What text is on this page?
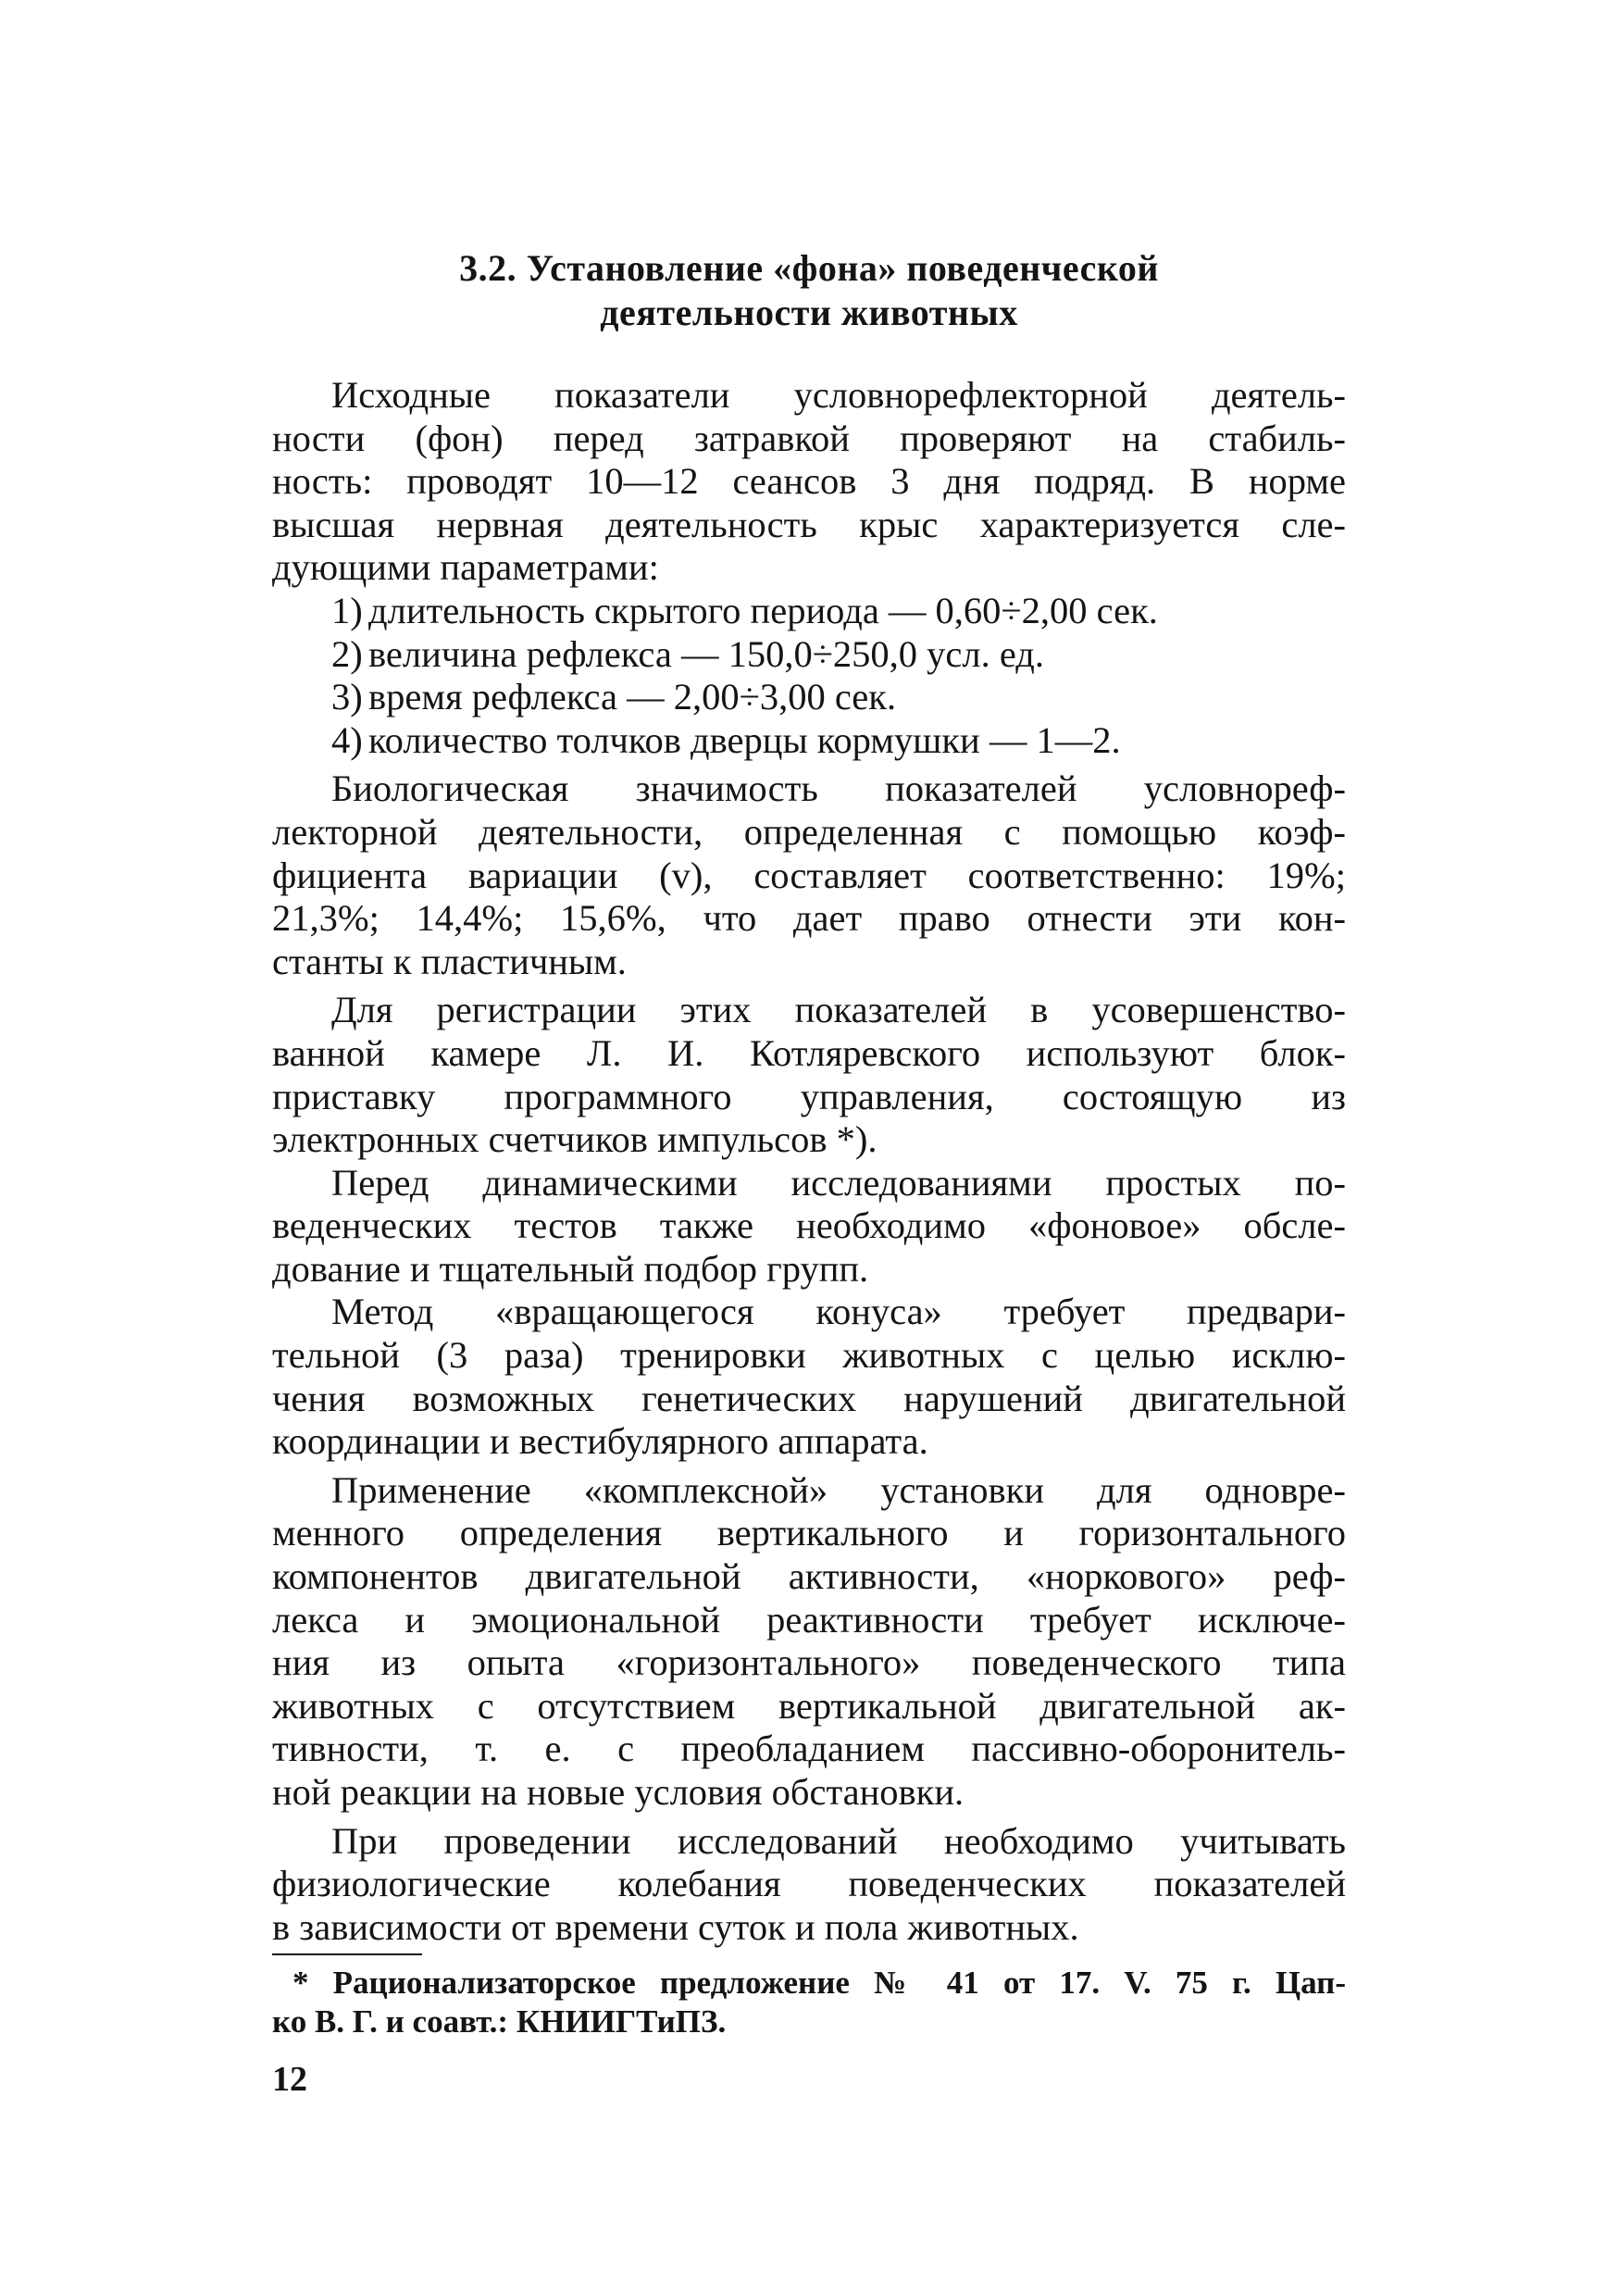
3.2. Установление «фона» поведенческой
деятельности животных
Исходные показатели условнорефлекторной деятель-
ности (фон) перед затравкой проверяют на стабиль-
ность: проводят 10—12 сеансов 3 дня подряд. В норме
высшая нервная деятельность крыс характеризуется сле-
дующими параметрами:
1) длительность скрытого периода — 0,60÷2,00 сек.
2) величина рефлекса — 150,0÷250,0 усл. ед.
3) время рефлекса — 2,00÷3,00 сек.
4) количество толчков дверцы кормушки — 1—2.
Биологическая значимость показателей условнореф-
лекторной деятельности, определенная с помощью коэф-
фициента вариации (v), составляет соответственно: 19%;
21,3%; 14,4%; 15,6%, что дает право отнести эти кон-
станты к пластичным.
Для регистрации этих показателей в усовершенство-
ванной камере Л. И. Котляревского используют блок-
приставку программного управления, состоящую из
электронных счетчиков импульсов *).
Перед динамическими исследованиями простых по-
веденческих тестов также необходимо «фоновое» обсле-
дование и тщательный подбор групп.
Метод «вращающегося конуса» требует предвари-
тельной (3 раза) тренировки животных с целью исклю-
чения возможных генетических нарушений двигательной
координации и вестибулярного аппарата.
Применение «комплексной» установки для одновре-
менного определения вертикального и горизонтального
компонентов двигательной активности, «норкового» реф-
лекса и эмоциональной реактивности требует исключе-
ния из опыта «горизонтального» поведенческого типа
животных с отсутствием вертикальной двигательной ак-
тивности, т. е. с преобладанием пассивно-оборонитель-
ной реакции на новые условия обстановки.
При проведении исследований необходимо учитывать
физиологические колебания поведенческих показателей
в зависимости от времени суток и пола животных.
* Рационализаторское предложение № 41 от 17. V. 75 г. Цап-
ко В. Г. и соавт.: КНИИГТиПЗ.
12
